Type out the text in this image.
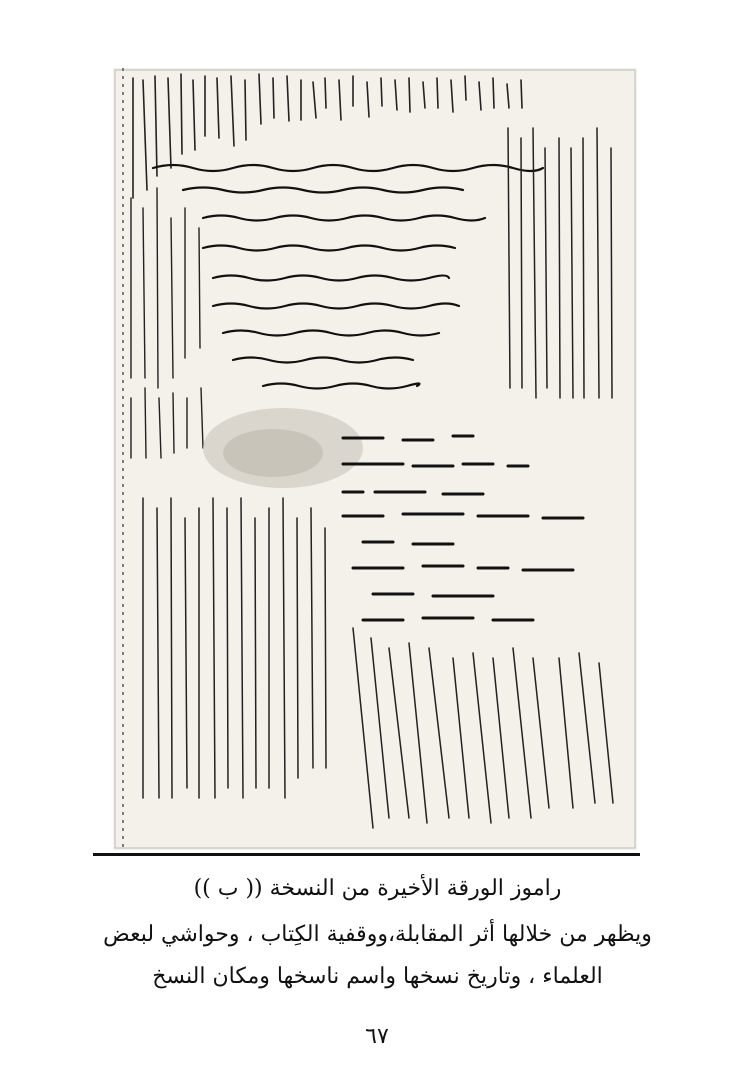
راموز الورقة الأخيرة من النسخة (( ب ))
ويظهر من خلالها أثر المقابلة،ووقفية الكِتاب ، وحواشي لبعض
العلماء ، وتاريخ نسخها واسم ناسخها ومكان النسخ
٦٧
